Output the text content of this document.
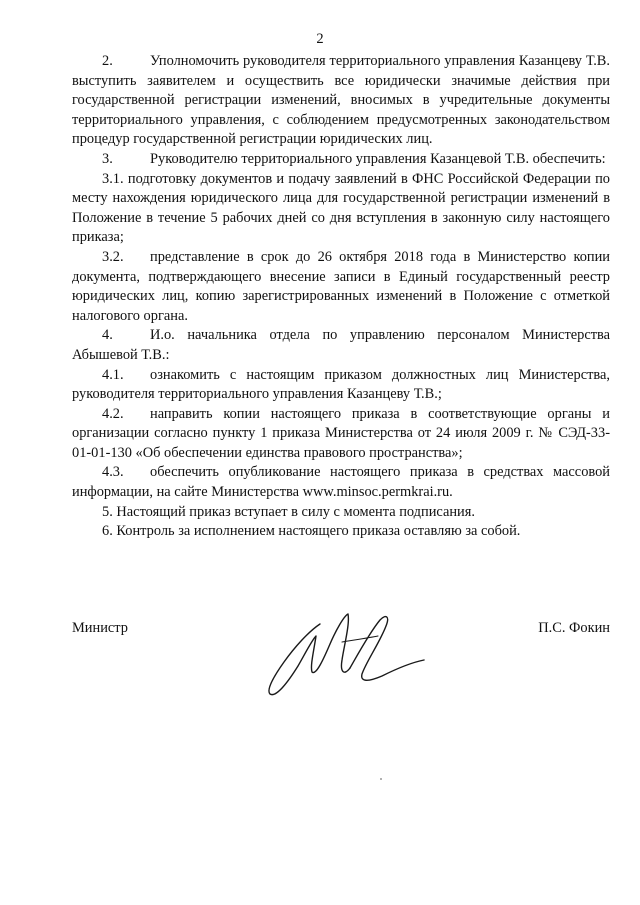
2

2.	Уполномочить руководителя территориального управления Казанцеву Т.В. выступить заявителем и осуществить все юридически значимые действия при государственной регистрации изменений, вносимых в учредительные документы территориального управления, с соблюдением предусмотренных законодательством процедур государственной регистрации юридических лиц.

3.	Руководителю территориального управления Казанцевой Т.В. обеспечить:

3.1. подготовку документов и подачу заявлений в ФНС Российской Федерации по месту нахождения юридического лица для государственной регистрации изменений в Положение в течение 5 рабочих дней со дня вступления в законную силу настоящего приказа;

3.2. представление в срок до 26 октября 2018 года в Министерство копии документа, подтверждающего внесение записи в Единый государственный реестр юридических лиц, копию зарегистрированных изменений в Положение с отметкой налогового органа.

4.	И.о. начальника отдела по управлению персоналом Министерства Абышевой Т.В.:

4.1. ознакомить с настоящим приказом должностных лиц Министерства, руководителя территориального управления Казанцеву Т.В.;

4.2. направить копии настоящего приказа в соответствующие органы и организации согласно пункту 1 приказа Министерства от 24 июля 2009 г. № СЭД-33-01-01-130 «Об обеспечении единства правового пространства»;

4.3. обеспечить опубликование настоящего приказа в средствах массовой информации, на сайте Министерства www.minsoc.permkrai.ru.

5. Настоящий приказ вступает в силу с момента подписания.

6. Контроль за исполнением настоящего приказа оставляю за собой.

Министр	П.С. Фокин
